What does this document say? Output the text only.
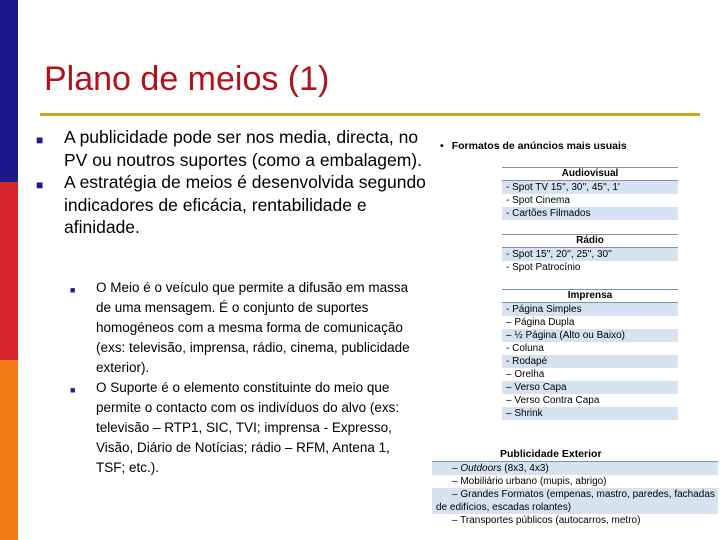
Plano de meios (1)
■ A publicidade pode ser nos media, directa, no PV ou noutros suportes (como a embalagem).
■ A estratégia de meios é desenvolvida segundo indicadores de eficácia, rentabilidade e afinidade.
■ O Meio é o veículo que permite a difusão em massa de uma mensagem. É o conjunto de suportes homogéneos com a mesma forma de comunicação (exs: televisão, imprensa, rádio, cinema, publicidade exterior).
■ O Suporte é o elemento constituinte do meio que permite o contacto com os indivíduos do alvo (exs: televisão – RTP1, SIC, TVI; imprensa - Expresso, Visão, Diário de Notícias; rádio – RFM, Antena 1, TSF; etc.).
• Formatos de anúncios mais usuais
Audiovisual
- Spot TV 15'', 30'', 45'', 1'
- Spot Cinema
- Cartões Filmados
Rádio
- Spot 15'', 20'', 25'', 30''
- Spot Patrocínio
Imprensa
- Página Simples
– Página Dupla
– ½ Página (Alto ou Baixo)
- Coluna
- Rodapé
– Orelha
– Verso Capa
– Verso Contra Capa
– Shrink
Publicidade Exterior
– Outdoors (8x3, 4x3)
– Mobiliário urbano (mupis, abrigo)
– Grandes Formatos (empenas, mastro, paredes, fachadas de edifícios, escadas rolantes)
– Transportes públicos (autocarros, metro)
